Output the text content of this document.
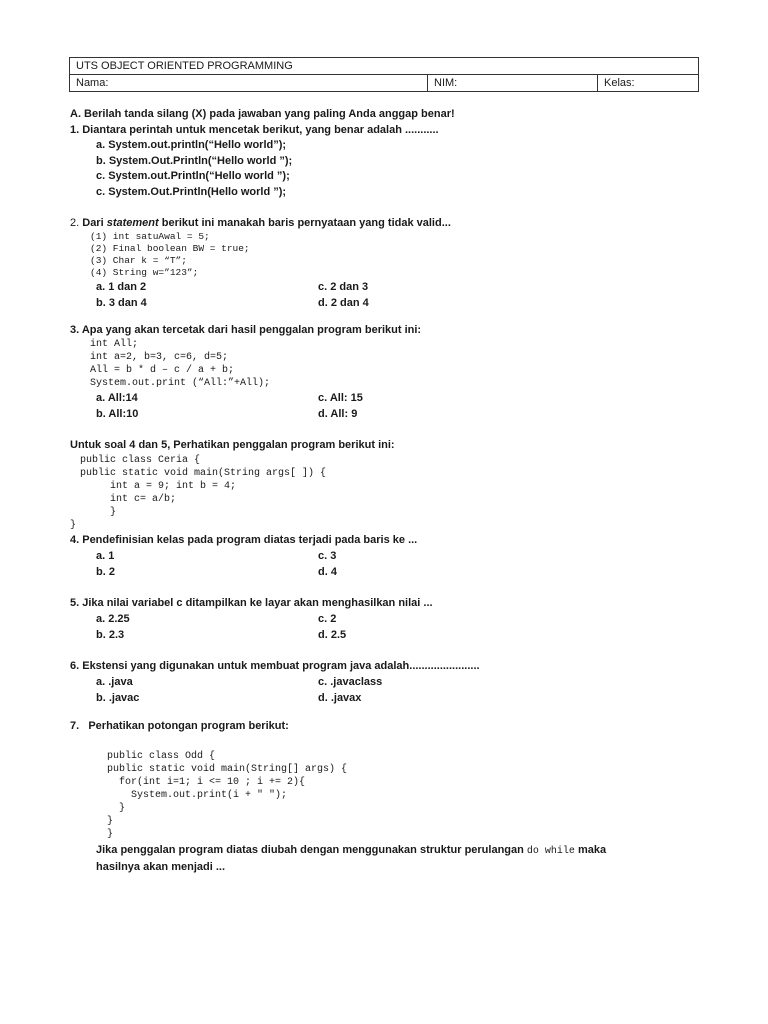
UTS OBJECT ORIENTED PROGRAMMING
Nama:	NIM:	Kelas:
A. Berilah tanda silang (X) pada jawaban yang paling Anda anggap benar!
1. Diantara perintah untuk mencetak berikut, yang benar adalah ...........
a. System.out.println(“Hello world”);
b. System.Out.Println(“Hello world ”);
c. System.out.Println(“Hello world ”);
c. System.Out.Println(Hello world ”);
2. Dari statement berikut ini manakah baris pernyataan yang tidak valid...
(1) int satuAwal = 5;
(2) Final boolean BW = true;
(3) Char k = “T”;
(4) String w=”123”;
a. 1 dan 2	c. 2 dan 3
b. 3 dan 4	d. 2 dan 4
3. Apa yang akan tercetak dari hasil penggalan program berikut ini:
int All;
int a=2, b=3, c=6, d=5;
All = b * d – c / a + b;
System.out.print (“All:”+All);
a. All:14	c. All: 15
b. All:10	d. All: 9
Untuk soal 4 dan 5, Perhatikan penggalan program berikut ini:
public class Ceria {
public static void main(String args[ ]) {
int a = 9; int b = 4;
int c= a/b;
}
}
4. Pendefinisian kelas pada program diatas terjadi pada baris ke ...
a. 1	c. 3
b. 2	d. 4
5. Jika nilai variabel c ditampilkan ke layar akan menghasilkan nilai ...
a. 2.25	c. 2
b. 2.3	d. 2.5
6. Ekstensi yang digunakan untuk membuat program java adalah.......................
a. .java	c. .javaclass
b. .javac	d. .javax
7.   Perhatikan potongan program berikut:
public class Odd {
public static void main(String[] args) {
for(int i=1; i <= 10 ; i += 2){
System.out.print(i + " ");
}
}
}
Jika penggalan program diatas diubah dengan menggunakan struktur perulangan do while maka
hasilnya akan menjadi ...
